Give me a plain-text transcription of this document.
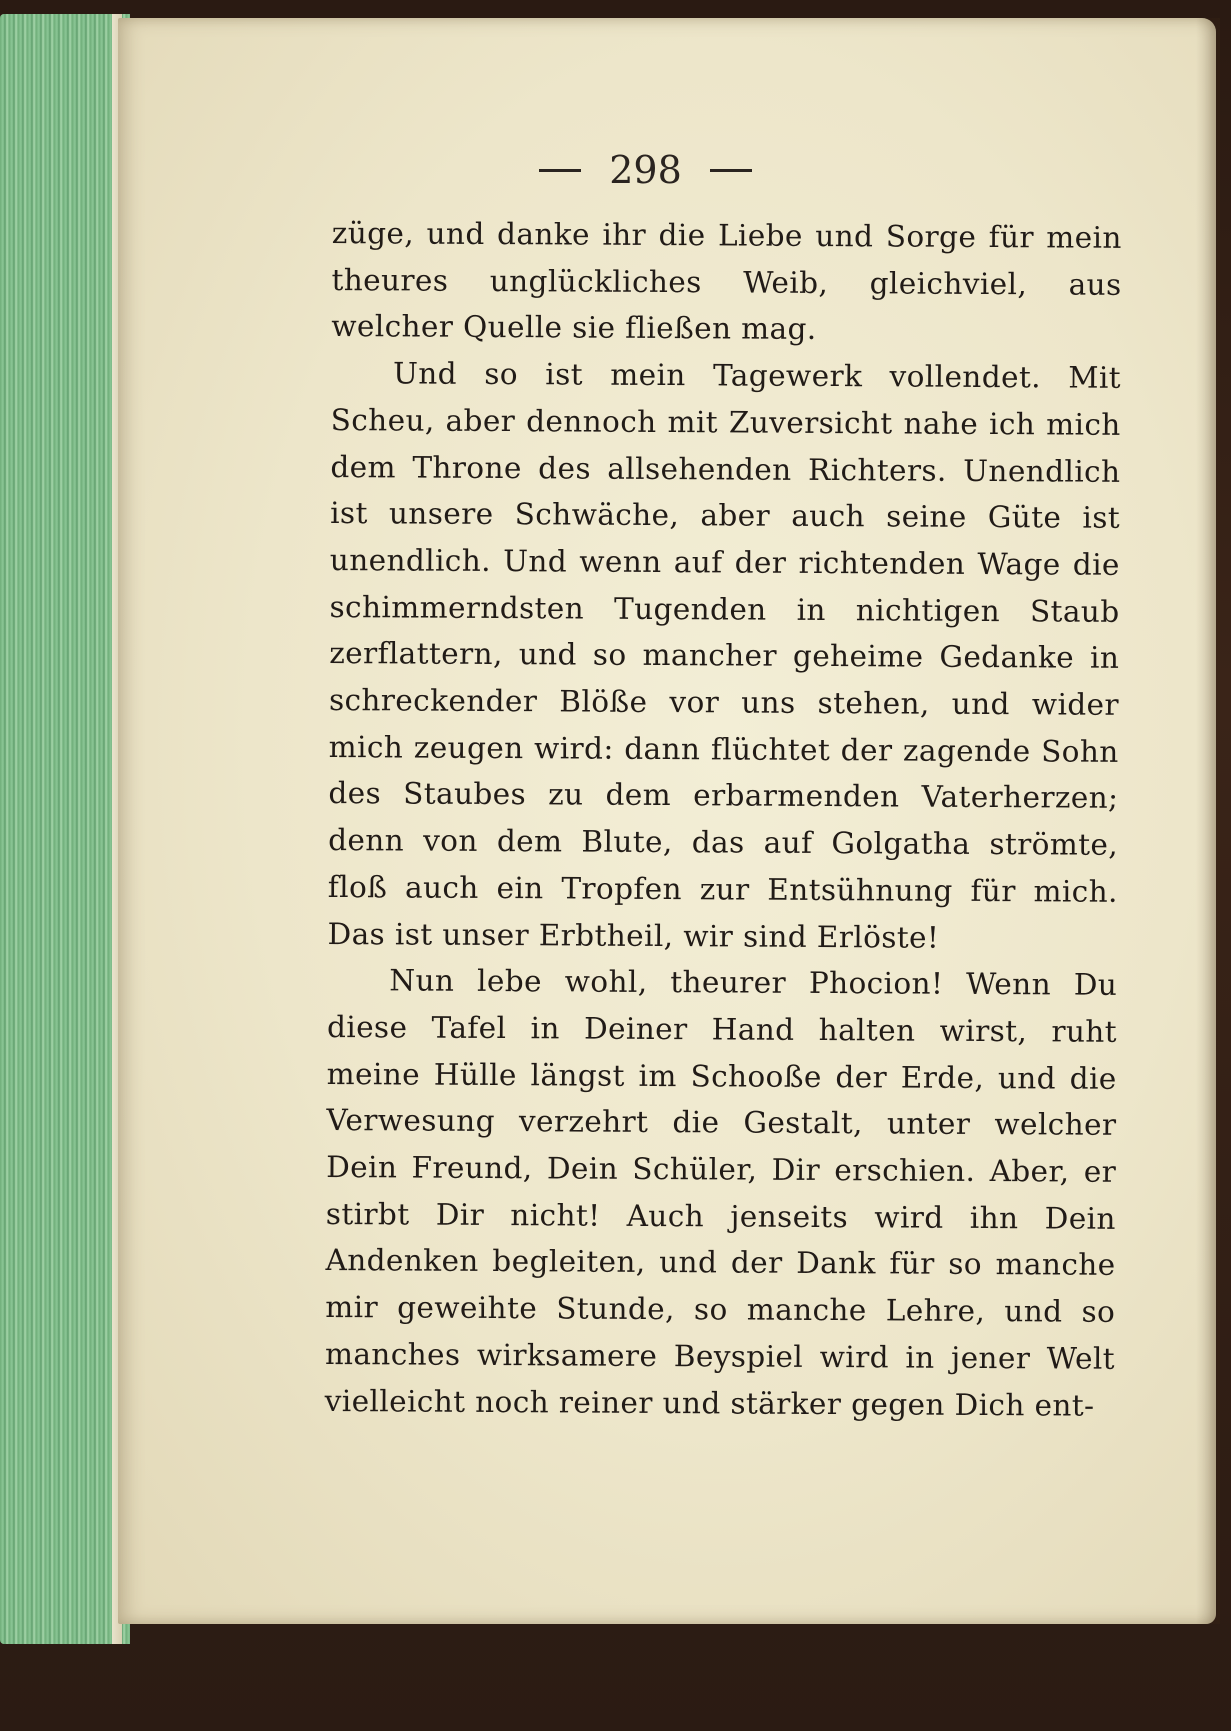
298

züge, und danke ihr die Liebe und Sorge für mein theures unglückliches Weib, gleichviel, aus welcher Quelle sie fließen mag.

Und so ist mein Tagewerk vollendet. Mit Scheu, aber dennoch mit Zuversicht nahe ich mich dem Throne des allsehenden Richters. Unendlich ist unsere Schwäche, aber auch seine Güte ist unendlich. Und wenn auf der richtenden Wage die schimmerndsten Tugenden in nichtigen Staub zerflattern, und so mancher geheime Gedanke in schreckender Blöße vor uns stehen, und wider mich zeugen wird: dann flüchtet der zagende Sohn des Staubes zu dem erbarmenden Vaterherzen; denn von dem Blute, das auf Golgatha strömte, floß auch ein Tropfen zur Entsühnung für mich. Das ist unser Erbtheil, wir sind Erlöste!

Nun lebe wohl, theurer Phocion! Wenn Du diese Tafel in Deiner Hand halten wirst, ruht meine Hülle längst im Schooße der Erde, und die Verwesung verzehrt die Gestalt, unter welcher Dein Freund, Dein Schüler, Dir erschien. Aber, er stirbt Dir nicht! Auch jenseits wird ihn Dein Andenken begleiten, und der Dank für so manche mir geweihte Stunde, so manche Lehre, und so manches wirksamere Beyspiel wird in jener Welt vielleicht noch reiner und stärker gegen Dich ent-
